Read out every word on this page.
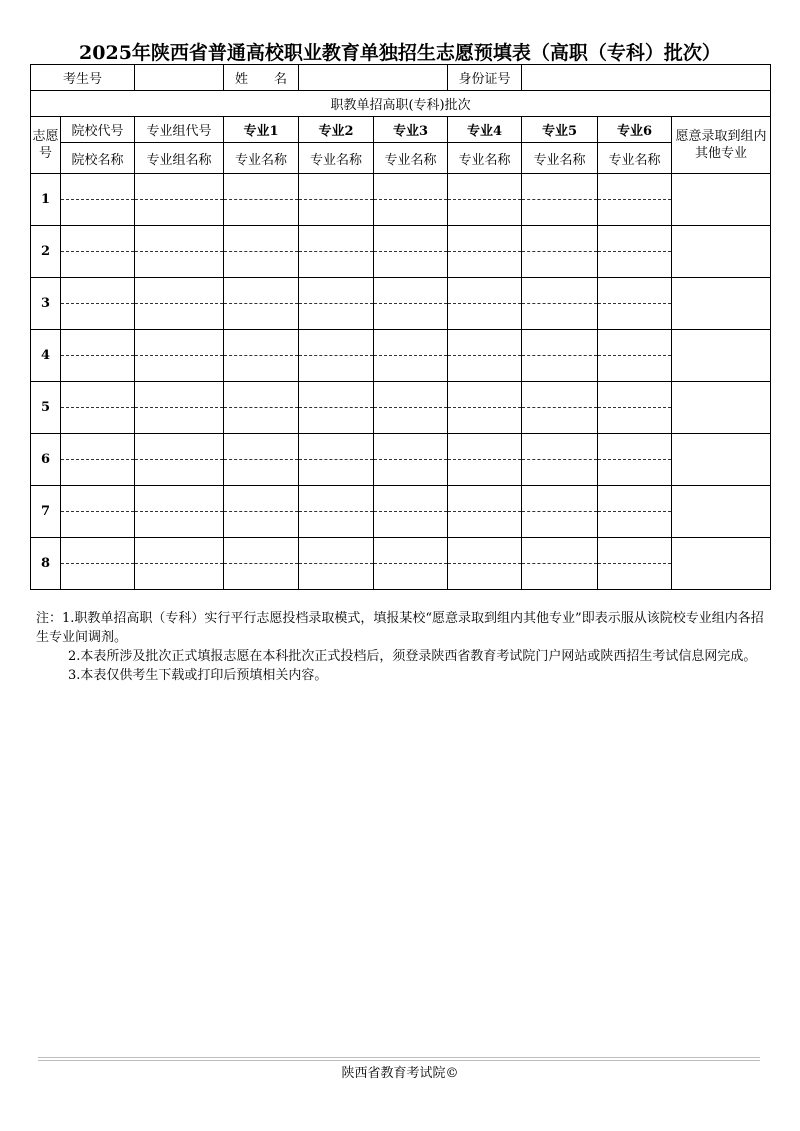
2025年陕西省普通高校职业教育单独招生志愿预填表（高职（专科）批次）
考生号			姓　　名			身份证号			
职教单招高职(专科)批次									
志愿号	院校代号	专业组代号	专业1	专业2	专业3	专业4	专业5	专业6	愿意录取到组内其他专业
	院校名称	专业组名称	专业名称	专业名称	专业名称	专业名称	专业名称	专业名称	
1									

2									

3									

4									

5									

6									

7									

8									

注：1.职教单招高职（专科）实行平行志愿投档录取模式，填报某校“愿意录取到组内其他专业”即表示服从该院校专业组内各招生专业间调剂。

2.本表所涉及批次正式填报志愿在本科批次正式投档后，须登录陕西省教育考试院门户网站或陕西招生考试信息网完成。

3.本表仅供考生下载或打印后预填相关内容。

陕西省教育考试院©
